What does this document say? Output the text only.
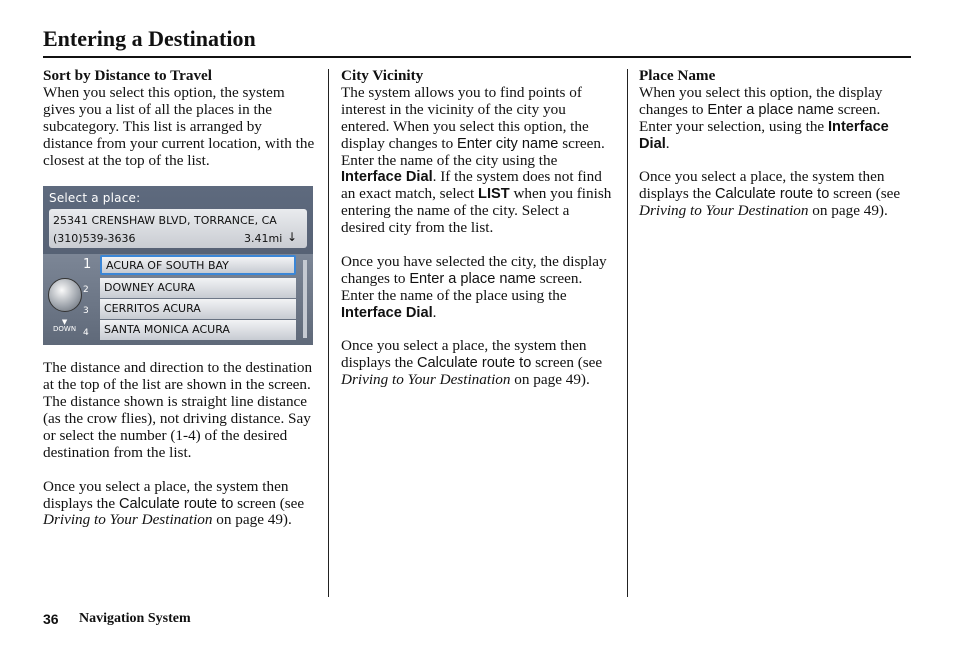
Entering a Destination
Sort by Distance to Travel

When you select this option, the system gives you a list of all the places in the subcategory. This list is arranged by distance from your current location, with the closest at the top of the list.

Select a place:
25341 CRENSHAW BLVD, TORRANCE, CA
(310)539-3636	3.41mi ↓
▼
DOWN
1	ACURA OF SOUTH BAY
2	DOWNEY ACURA
3	CERRITOS ACURA
4	SANTA MONICA ACURA

The distance and direction to the destination at the top of the list are shown in the screen. The distance shown is straight line distance (as the crow flies), not driving distance. Say or select the number (1-4) of the desired destination from the list.

Once you select a place, the system then displays the Calculate route to screen (see Driving to Your Destination on page 49).

City Vicinity

The system allows you to find points of interest in the vicinity of the city you entered. When you select this option, the display changes to Enter city name screen. Enter the name of the city using the Interface Dial. If the system does not find an exact match, select LIST when you finish entering the name of the city. Select a desired city from the list.

Once you have selected the city, the display changes to Enter a place name screen. Enter the name of the place using the Interface Dial.

Once you select a place, the system then displays the Calculate route to screen (see Driving to Your Destination on page 49).

Place Name

When you select this option, the display changes to Enter a place name screen. Enter your selection, using the Interface Dial.

Once you select a place, the system then displays the Calculate route to screen (see Driving to Your Destination on page 49).

36 Navigation System
